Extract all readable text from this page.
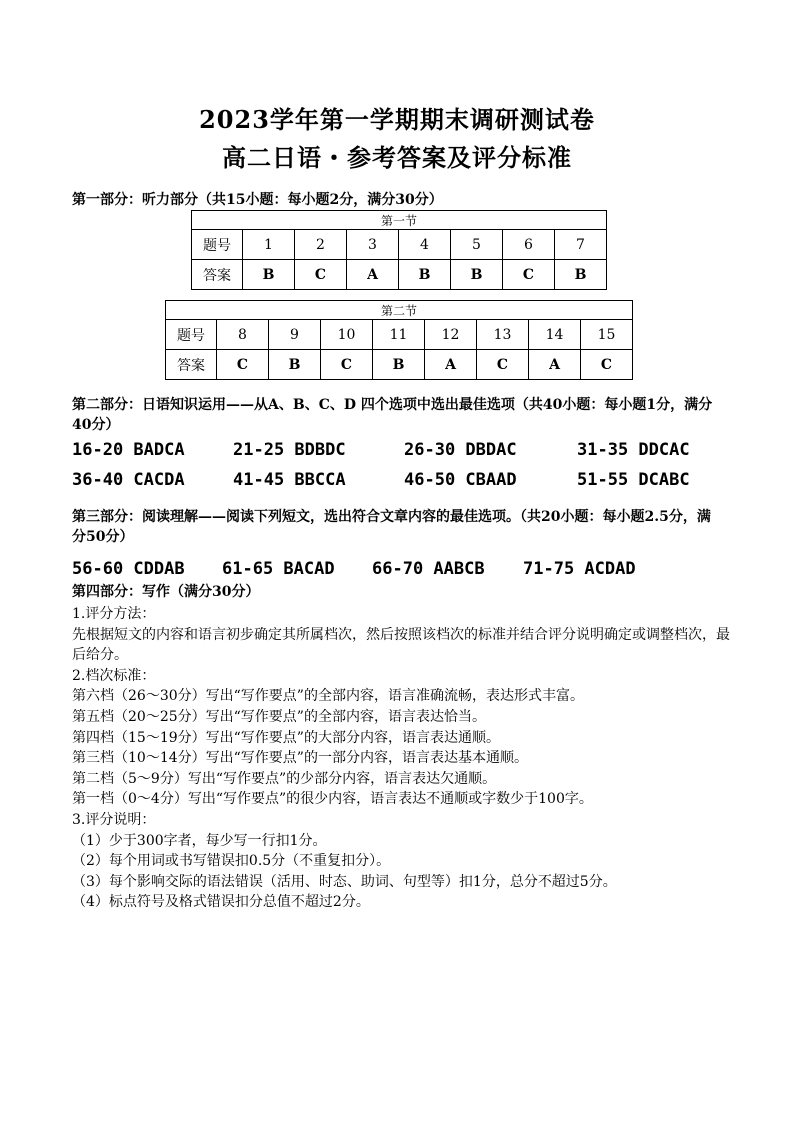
2023学年第一学期期末调研测试卷
高二日语・参考答案及评分标准
第一部分：听力部分（共15小题：每小题2分，满分30分）
第一节							
题号	1	2	3	4	5	6	7
答案	B	C	A	B	B	C	B
第二节								
题号	8	9	10	11	12	13	14	15
答案	C	B	C	B	A	C	A	C
第二部分：日语知识运用——从A、B、C、D 四个选项中选出最佳选项（共40小题：每小题1分，满分40分）
16-20 BADCA	21-25 BDBDC	26-30 DBDAC	31-35 DDCAC
36-40 CACDA	41-45 BBCCA	46-50 CBAAD	51-55 DCABC
第三部分：阅读理解——阅读下列短文，选出符合文章内容的最佳选项。（共20小题：每小题2.5分，满分50分）
56-60 CDDAB 61-65 BACAD 66-70 AABCB 71-75 ACDAD
第四部分：写作（满分30分）

1.评分方法：

先根据短文的内容和语言初步确定其所属档次，然后按照该档次的标准并结合评分说明确定或调整档次，最后给分。

2.档次标准：

第六档（26～30分）写出“写作要点”的全部内容，语言准确流畅，表达形式丰富。

第五档（20～25分）写出“写作要点”的全部内容，语言表达恰当。

第四档（15～19分）写出“写作要点”的大部分内容，语言表达通顺。

第三档（10～14分）写出“写作要点”的一部分内容，语言表达基本通顺。

第二档（5～9分）写出“写作要点”的少部分内容，语言表达欠通顺。

第一档（0～4分）写出“写作要点”的很少内容，语言表达不通顺或字数少于100字。

3.评分说明：

（1）少于300字者，每少写一行扣1分。

（2）每个用词或书写错误扣0.5分（不重复扣分）。

（3）每个影响交际的语法错误（活用、时态、助词、句型等）扣1分，总分不超过5分。

（4）标点符号及格式错误扣分总值不超过2分。
